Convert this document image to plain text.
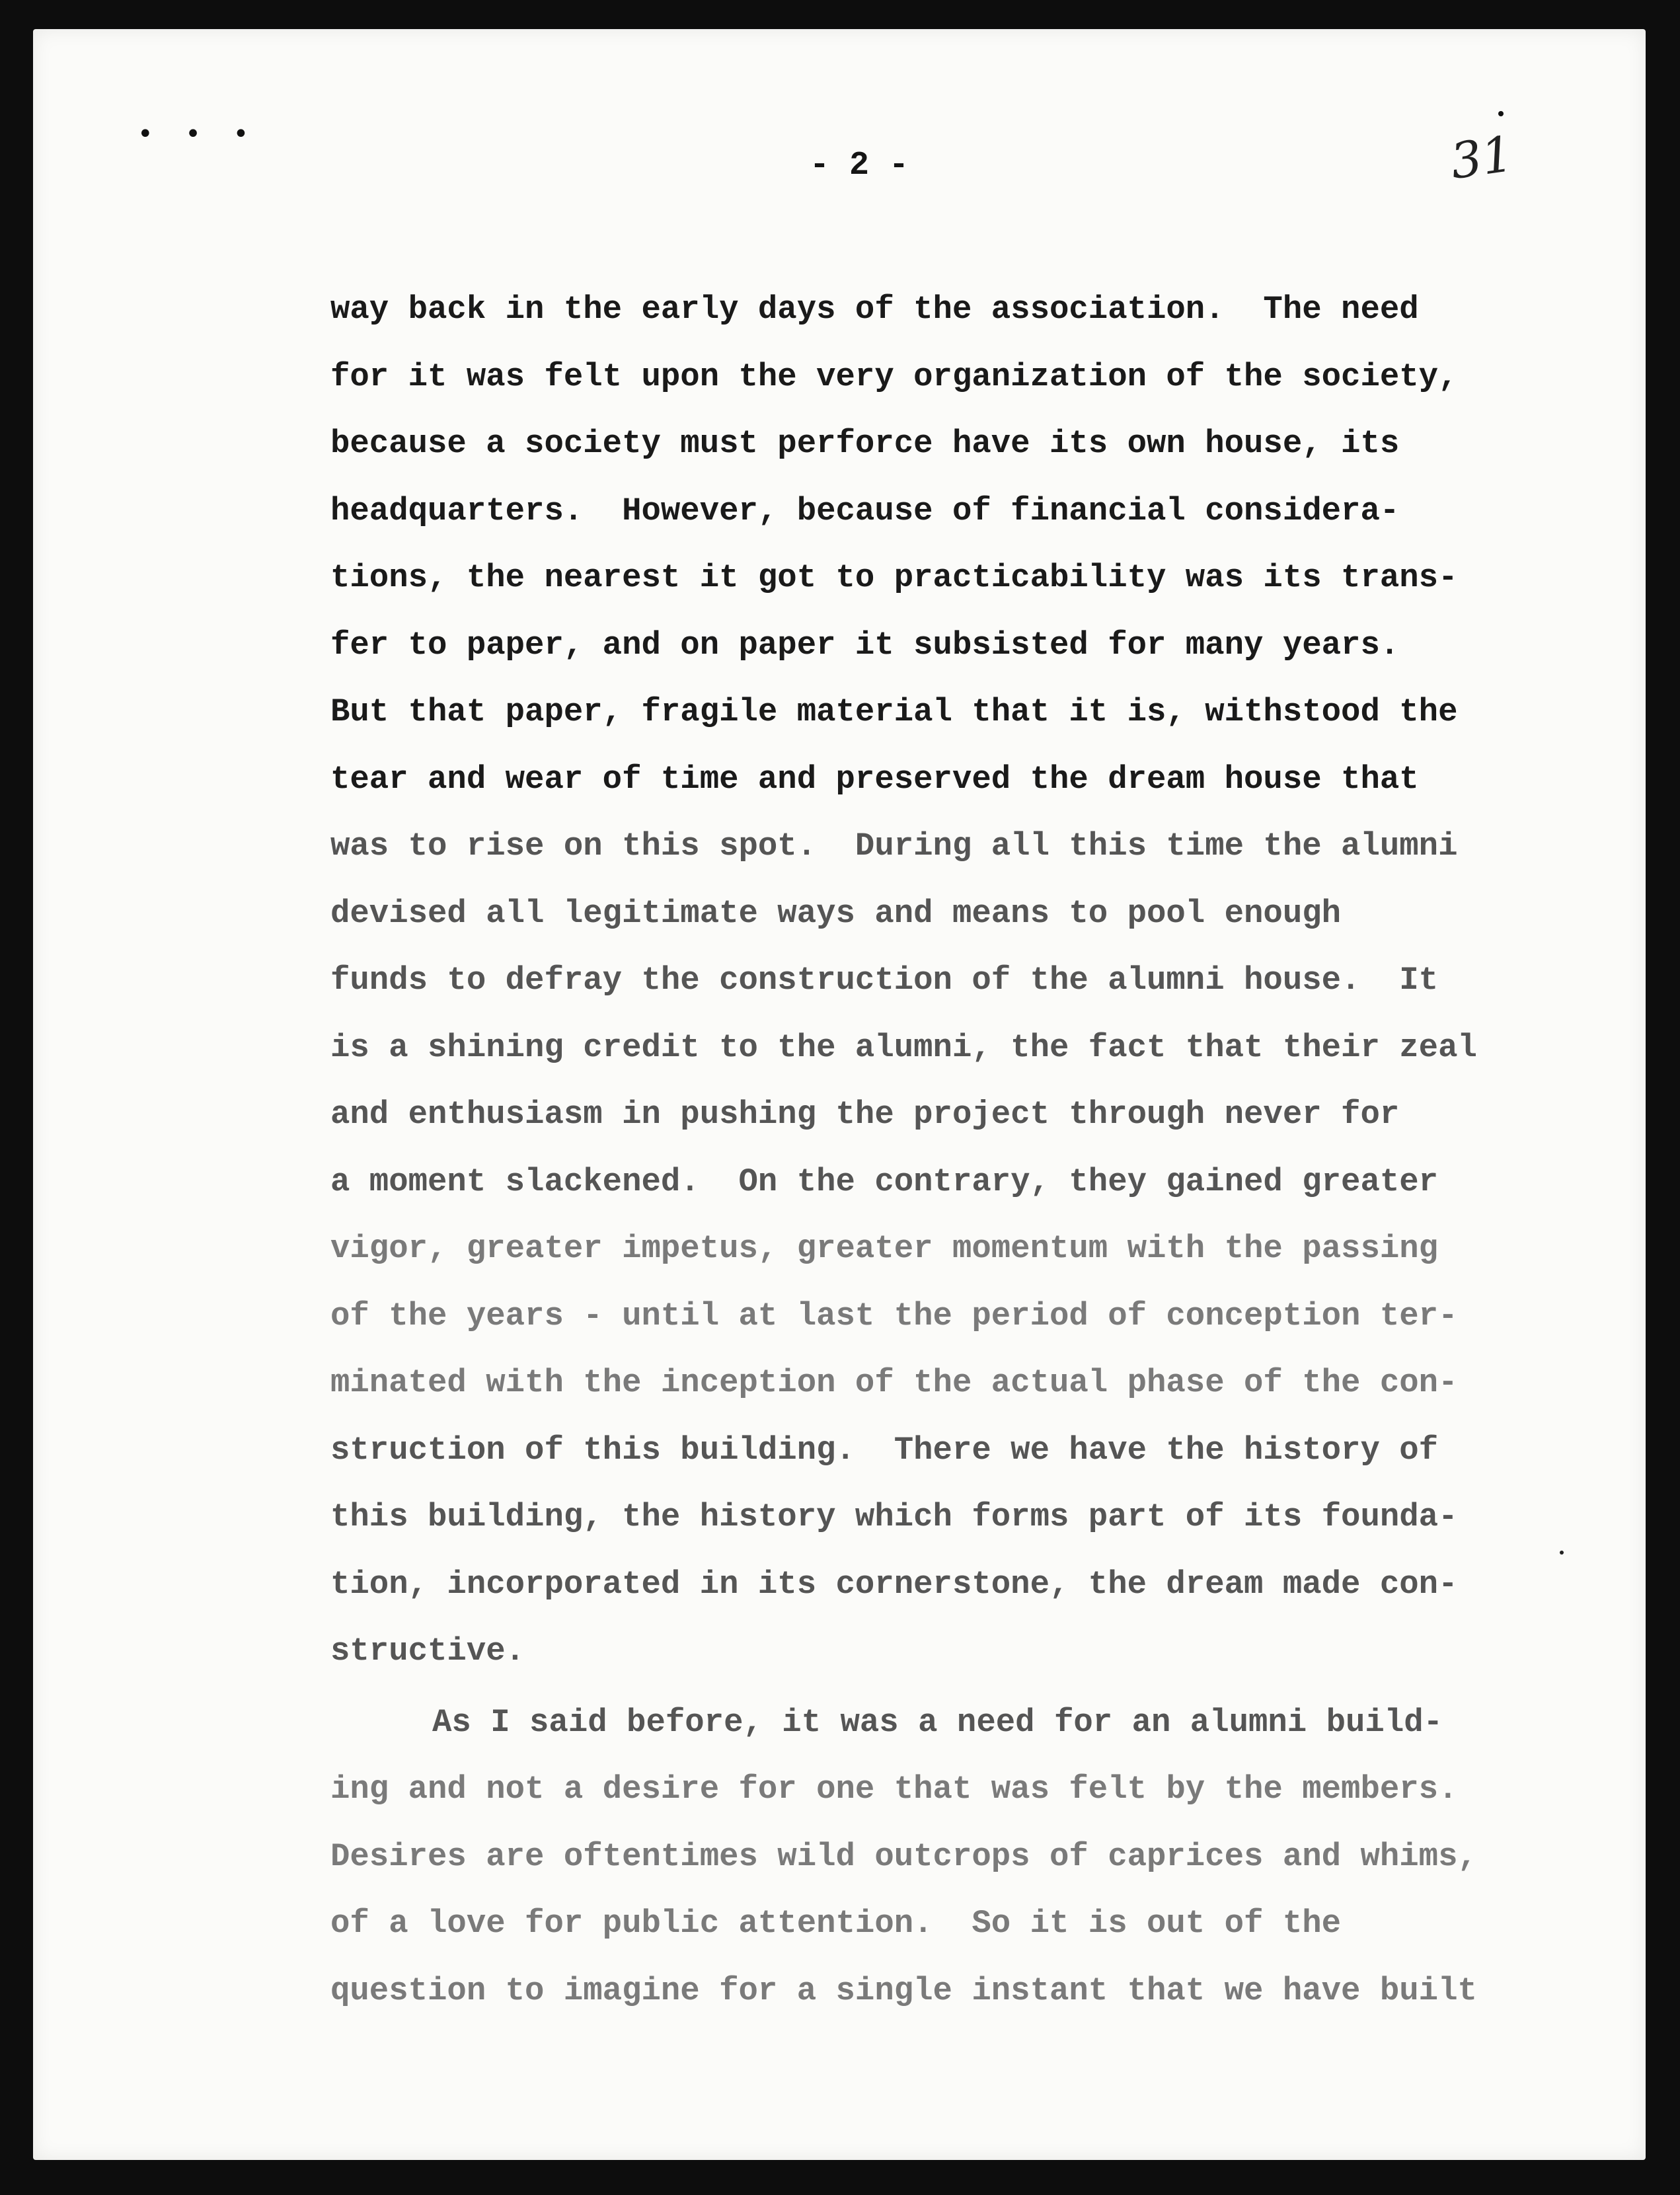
• • •
- 2 -	31
way back in the early days of the association.  The need
for it was felt upon the very organization of the society,
because a society must perforce have its own house, its
headquarters.  However, because of financial considera-
tions, the nearest it got to practicability was its trans-
fer to paper, and on paper it subsisted for many years.
But that paper, fragile material that it is, withstood the
tear and wear of time and preserved the dream house that
was to rise on this spot.  During all this time the alumni
devised all legitimate ways and means to pool enough
funds to defray the construction of the alumni house.  It
is a shining credit to the alumni, the fact that their zeal
and enthusiasm in pushing the project through never for
a moment slackened.  On the contrary, they gained greater
vigor, greater impetus, greater momentum with the passing
of the years - until at last the period of conception ter-
minated with the inception of the actual phase of the con-
struction of this building.  There we have the history of
this building, the history which forms part of its founda-
tion, incorporated in its cornerstone, the dream made con-
structive.
As I said before, it was a need for an alumni build-
ing and not a desire for one that was felt by the members.
Desires are oftentimes wild outcrops of caprices and whims,
of a love for public attention.  So it is out of the
question to imagine for a single instant that we have built
